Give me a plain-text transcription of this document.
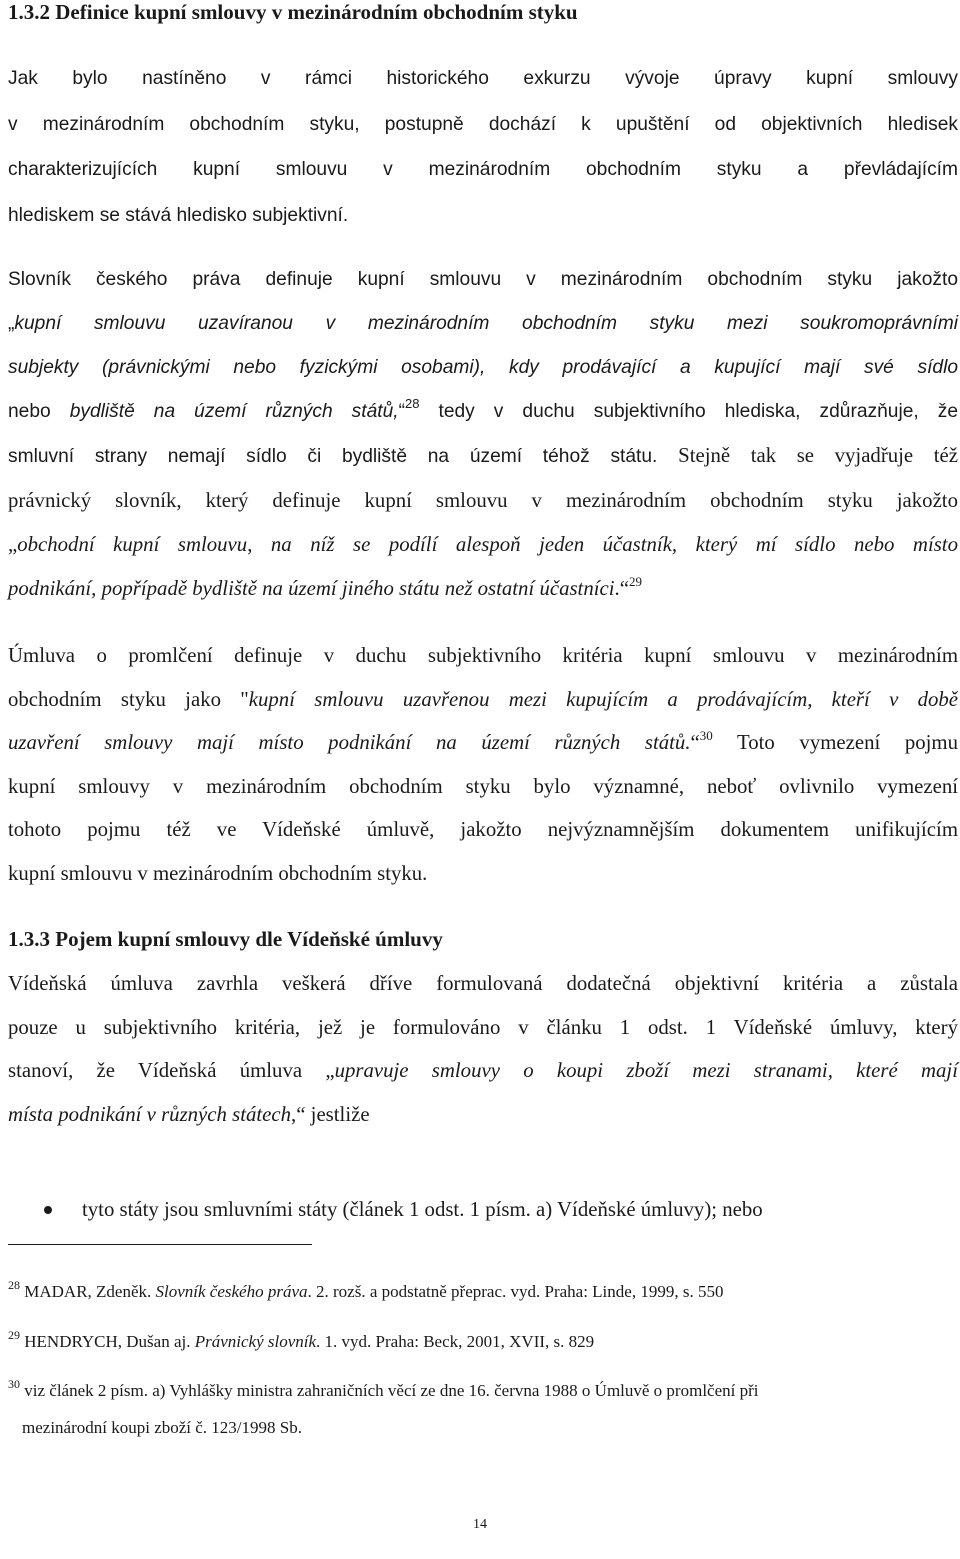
1.3.2 Definice kupní smlouvy v mezinárodním obchodním styku
Jak bylo nastíněno v rámci historického exkurzu vývoje úpravy kupní smlouvy
v mezinárodním obchodním styku, postupně dochází k upuštění od objektivních hledisek
charakterizujících kupní smlouvu v mezinárodním obchodním styku a převládajícím
hlediskem se stává hledisko subjektivní.
Slovník českého práva definuje kupní smlouvu v mezinárodním obchodním styku jakožto
„kupní smlouvu uzavíranou v mezinárodním obchodním styku mezi soukromoprávními
subjekty (právnickými nebo fyzickými osobami), kdy prodávající a kupující mají své sídlo
nebo bydliště na území různých států,“$^{28}$ tedy v duchu subjektivního hlediska, zdůrazňuje, že
smluvní strany nemají sídlo či bydliště na území téhož státu. Stejně tak se vyjadřuje též
právnický slovník, který definuje kupní smlouvu v mezinárodním obchodním styku jakožto
„obchodní kupní smlouvu, na níž se podílí alespoň jeden účastník, který mí sídlo nebo místo
podnikání, popřípadě bydliště na území jiného státu než ostatní účastníci.“$^{29}$
Úmluva o promlčení definuje v duchu subjektivního kritéria kupní smlouvu v mezinárodním
obchodním styku jako "kupní smlouvu uzavřenou mezi kupujícím a prodávajícím, kteří v době
uzavření smlouvy mají místo podnikání na území různých států.“$^{30}$ Toto vymezení pojmu
kupní smlouvy v mezinárodním obchodním styku bylo významné, neboť ovlivnilo vymezení
tohoto pojmu též ve Vídeňské úmluvě, jakožto nejvýznamnějším dokumentem unifikujícím
kupní smlouvu v mezinárodním obchodním styku.
1.3.3 Pojem kupní smlouvy dle Vídeňské úmluvy
Vídeňská úmluva zavrhla veškerá dříve formulovaná dodatečná objektivní kritéria a zůstala
pouze u subjektivního kritéria, jež je formulováno v článku 1 odst. 1 Vídeňské úmluvy, který
stanoví, že Vídeňská úmluva „upravuje smlouvy o koupi zboží mezi stranami, které mají
místa podnikání v různých státech,“ jestliže
tyto státy jsou smluvními státy (článek 1 odst. 1 písm. a) Vídeňské úmluvy); nebo
$^{28}$ MADAR, Zdeněk. Slovník českého práva. 2. rozš. a podstatně přeprac. vyd. Praha: Linde, 1999, s. 550
$^{29}$ HENDRYCH, Dušan aj. Právnický slovník. 1. vyd. Praha: Beck, 2001, XVII, s. 829
$^{30}$ viz článek 2 písm. a) Vyhlášky ministra zahraničních věcí ze dne 16. června 1988 o Úmluvě o promlčení při
mezinárodní koupi zboží č. 123/1998 Sb.
14
